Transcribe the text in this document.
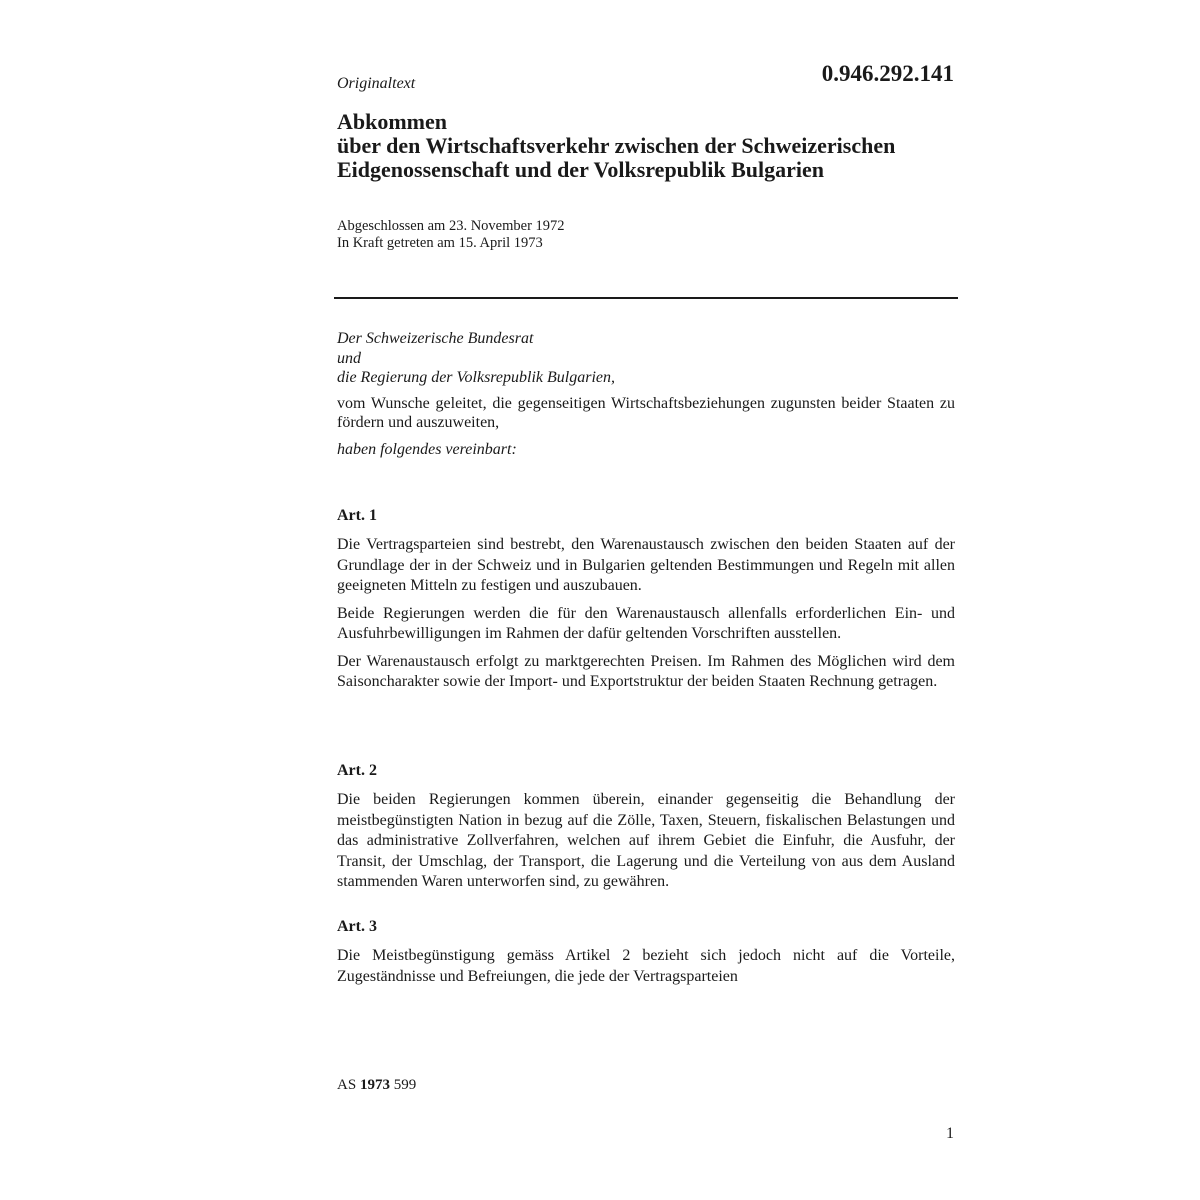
0.946.292.141
Originaltext
Abkommen
über den Wirtschaftsverkehr zwischen der Schweizerischen
Eidgenossenschaft und der Volksrepublik Bulgarien
Abgeschlossen am 23. November 1972
In Kraft getreten am 15. April 1973
Der Schweizerische Bundesrat
und
die Regierung der Volksrepublik Bulgarien,

vom Wunsche geleitet, die gegenseitigen Wirtschaftsbeziehungen zugunsten beider Staaten zu fördern und auszuweiten,

haben folgendes vereinbart:
Art. 1

Die Vertragsparteien sind bestrebt, den Warenaustausch zwischen den beiden Staaten auf der Grundlage der in der Schweiz und in Bulgarien geltenden Bestimmungen und Regeln mit allen geeigneten Mitteln zu festigen und auszubauen.

Beide Regierungen werden die für den Warenaustausch allenfalls erforderlichen Ein- und Ausfuhrbewilligungen im Rahmen der dafür geltenden Vorschriften ausstellen.

Der Warenaustausch erfolgt zu marktgerechten Preisen. Im Rahmen des Möglichen wird dem Saisoncharakter sowie der Import- und Exportstruktur der beiden Staaten Rechnung getragen.

Art. 2

Die beiden Regierungen kommen überein, einander gegenseitig die Behandlung der meistbegünstigten Nation in bezug auf die Zölle, Taxen, Steuern, fiskalischen Belastungen und das administrative Zollverfahren, welchen auf ihrem Gebiet die Einfuhr, die Ausfuhr, der Transit, der Umschlag, der Transport, die Lagerung und die Verteilung von aus dem Ausland stammenden Waren unterworfen sind, zu gewähren.

Art. 3

Die Meistbegünstigung gemäss Artikel 2 bezieht sich jedoch nicht auf die Vorteile, Zugeständnisse und Befreiungen, die jede der Vertragsparteien

AS 1973 599
1
